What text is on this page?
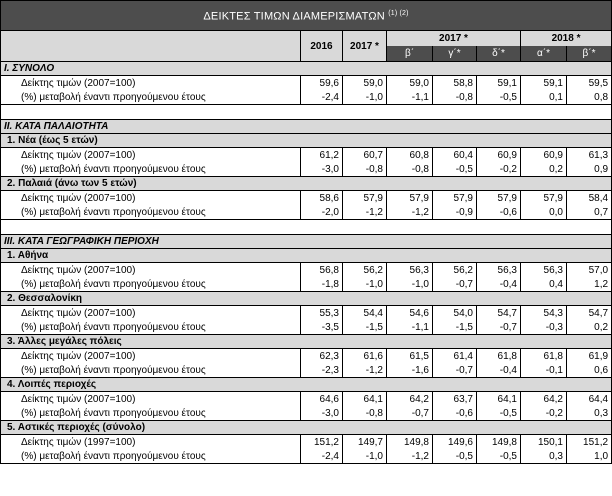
ΔΕΙΚΤΕΣ ΤΙΜΩΝ ΔΙΑΜΕΡΙΣΜΑΤΩΝ $^{(1) (2)}$
	2016	2017 *	2017 *			2018 *	
			β΄	γ΄*	δ΄*	α΄*	β΄*
I. ΣΥΝΟΛΟ							
Δείκτης τιμών (2007=100)	59,6	59,0	59,0	58,8	59,1	59,1	59,5
(%) μεταβολή έναντι προηγούμενου έτους	-2,4	-1,0	-1,1	-0,8	-0,5	0,1	0,8

II. ΚΑΤΑ ΠΑΛΑΙΟΤΗΤΑ							
1. Νέα (έως 5 ετών)							
Δείκτης τιμών (2007=100)	61,2	60,7	60,8	60,4	60,9	60,9	61,3
(%) μεταβολή έναντι προηγούμενου έτους	-3,0	-0,8	-0,8	-0,5	-0,2	0,2	0,9
2. Παλαιά (άνω των 5 ετών)							
Δείκτης τιμών (2007=100)	58,6	57,9	57,9	57,9	57,9	57,9	58,4
(%) μεταβολή έναντι προηγούμενου έτους	-2,0	-1,2	-1,2	-0,9	-0,6	0,0	0,7

III. ΚΑΤΑ ΓΕΩΓΡΑΦΙΚΗ ΠΕΡΙΟΧΗ							
1. Αθήνα							
Δείκτης τιμών (2007=100)	56,8	56,2	56,3	56,2	56,3	56,3	57,0
(%) μεταβολή έναντι προηγούμενου έτους	-1,8	-1,0	-1,0	-0,7	-0,4	0,4	1,2
2. Θεσσαλονίκη							
Δείκτης τιμών (2007=100)	55,3	54,4	54,6	54,0	54,7	54,3	54,7
(%) μεταβολή έναντι προηγούμενου έτους	-3,5	-1,5	-1,1	-1,5	-0,7	-0,3	0,2
3. Άλλες μεγάλες πόλεις							
Δείκτης τιμών (2007=100)	62,3	61,6	61,5	61,4	61,8	61,8	61,9
(%) μεταβολή έναντι προηγούμενου έτους	-2,3	-1,2	-1,6	-0,7	-0,4	-0,1	0,6
4. Λοιπές περιοχές							
Δείκτης τιμών (2007=100)	64,6	64,1	64,2	63,7	64,1	64,2	64,4
(%) μεταβολή έναντι προηγούμενου έτους	-3,0	-0,8	-0,7	-0,6	-0,5	-0,2	0,3
5. Αστικές περιοχές (σύνολο)							
Δείκτης τιμών (1997=100)	151,2	149,7	149,8	149,6	149,8	150,1	151,2
(%) μεταβολή έναντι προηγούμενου έτους	-2,4	-1,0	-1,2	-0,5	-0,5	0,3	1,0
